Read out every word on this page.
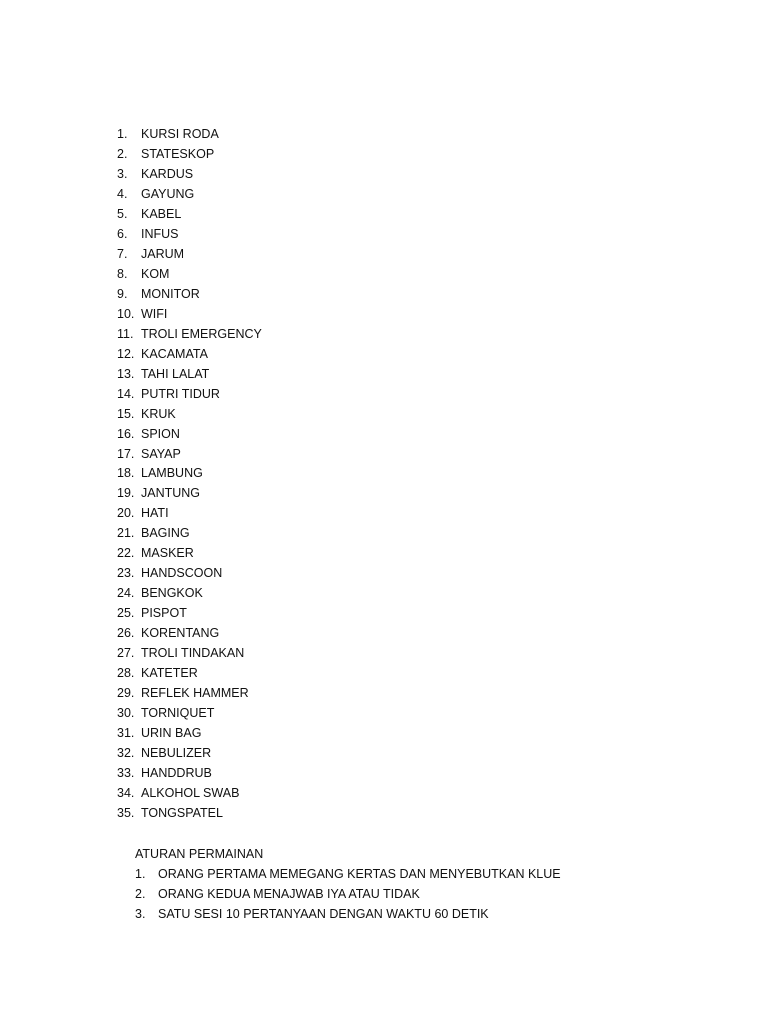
1.	KURSI RODA
2.	STATESKOP
3.	KARDUS
4.	GAYUNG
5.	KABEL
6.	INFUS
7.	JARUM
8.	KOM
9.	MONITOR
10. WIFI
11. TROLI EMERGENCY
12. KACAMATA
13. TAHI LALAT
14. PUTRI TIDUR
15. KRUK
16. SPION
17. SAYAP
18. LAMBUNG
19. JANTUNG
20. HATI
21. BAGING
22. MASKER
23. HANDSCOON
24. BENGKOK
25. PISPOT
26. KORENTANG
27. TROLI TINDAKAN
28. KATETER
29. REFLEK HAMMER
30. TORNIQUET
31. URIN BAG
32. NEBULIZER
33. HANDDRUB
34. ALKOHOL SWAB
35. TONGSPATEL
ATURAN PERMAINAN
1.	ORANG PERTAMA MEMEGANG KERTAS DAN MENYEBUTKAN KLUE
2.	ORANG KEDUA MENAJWAB IYA ATAU TIDAK
3.	SATU SESI 10 PERTANYAAN DENGAN WAKTU 60 DETIK
